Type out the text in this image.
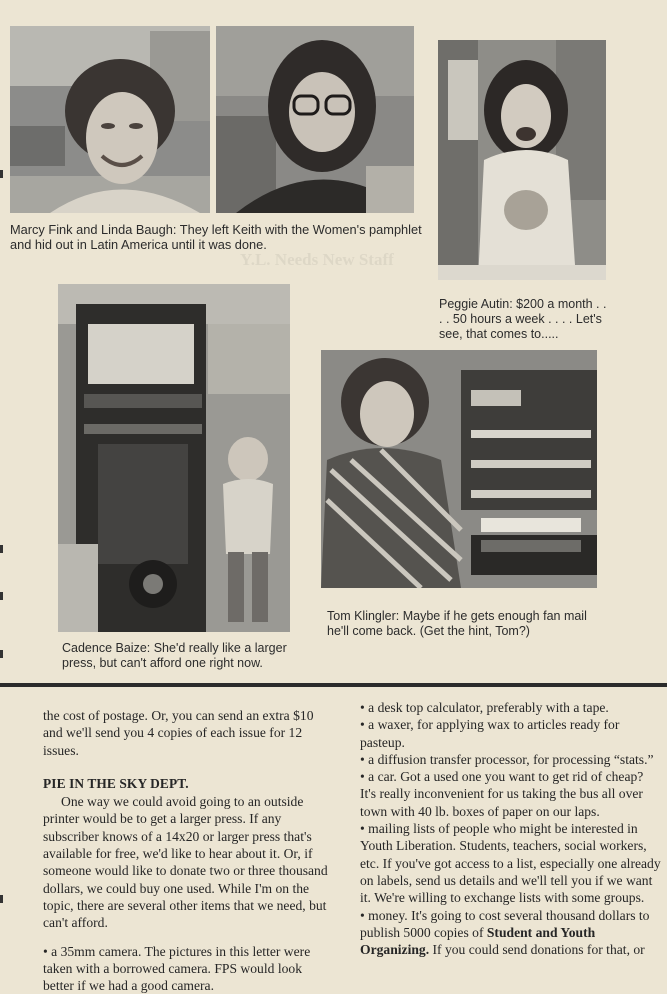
Marcy Fink and Linda Baugh: They left Keith with the Women's pamphlet and hid out in Latin America until it was done.
Y.L. Needs New Staff
Peggie Autin: $200 a month . . . . 50 hours a week . . . . Let's see, that comes to.....
Tom Klingler: Maybe if he gets enough fan mail he'll come back. (Get the hint, Tom?)
Cadence Baize: She'd really like a larger press, but can't afford one right now.

the cost of postage. Or, you can send an extra $10 and we'll send you 4 copies of each issue for 12 issues.

PIE IN THE SKY DEPT.

One way we could avoid going to an outside printer would be to get a larger press. If any subscriber knows of a 14x20 or larger press that's available for free, we'd like to hear about it. Or, if someone would like to donate two or three thousand dollars, we could buy one used. While I'm on the topic, there are several other items that we need, but can't afford.

• a 35mm camera. The pictures in this letter were taken with a borrowed camera. FPS would look better if we had a good camera.

• a desk top calculator, preferably with a tape.

• a waxer, for applying wax to articles ready for pasteup.

• a diffusion transfer processor, for processing “stats.”

• a car. Got a used one you want to get rid of cheap? It's really inconvenient for us taking the bus all over town with 40 lb. boxes of paper on our laps.

• mailing lists of people who might be interested in Youth Liberation. Students, teachers, social workers, etc. If you've got access to a list, especially one already on labels, send us details and we'll tell you if we want it. We're willing to exchange lists with some groups.

• money. It's going to cost several thousand dollars to publish 5000 copies of Student and Youth Organizing. If you could send donations for that, or
